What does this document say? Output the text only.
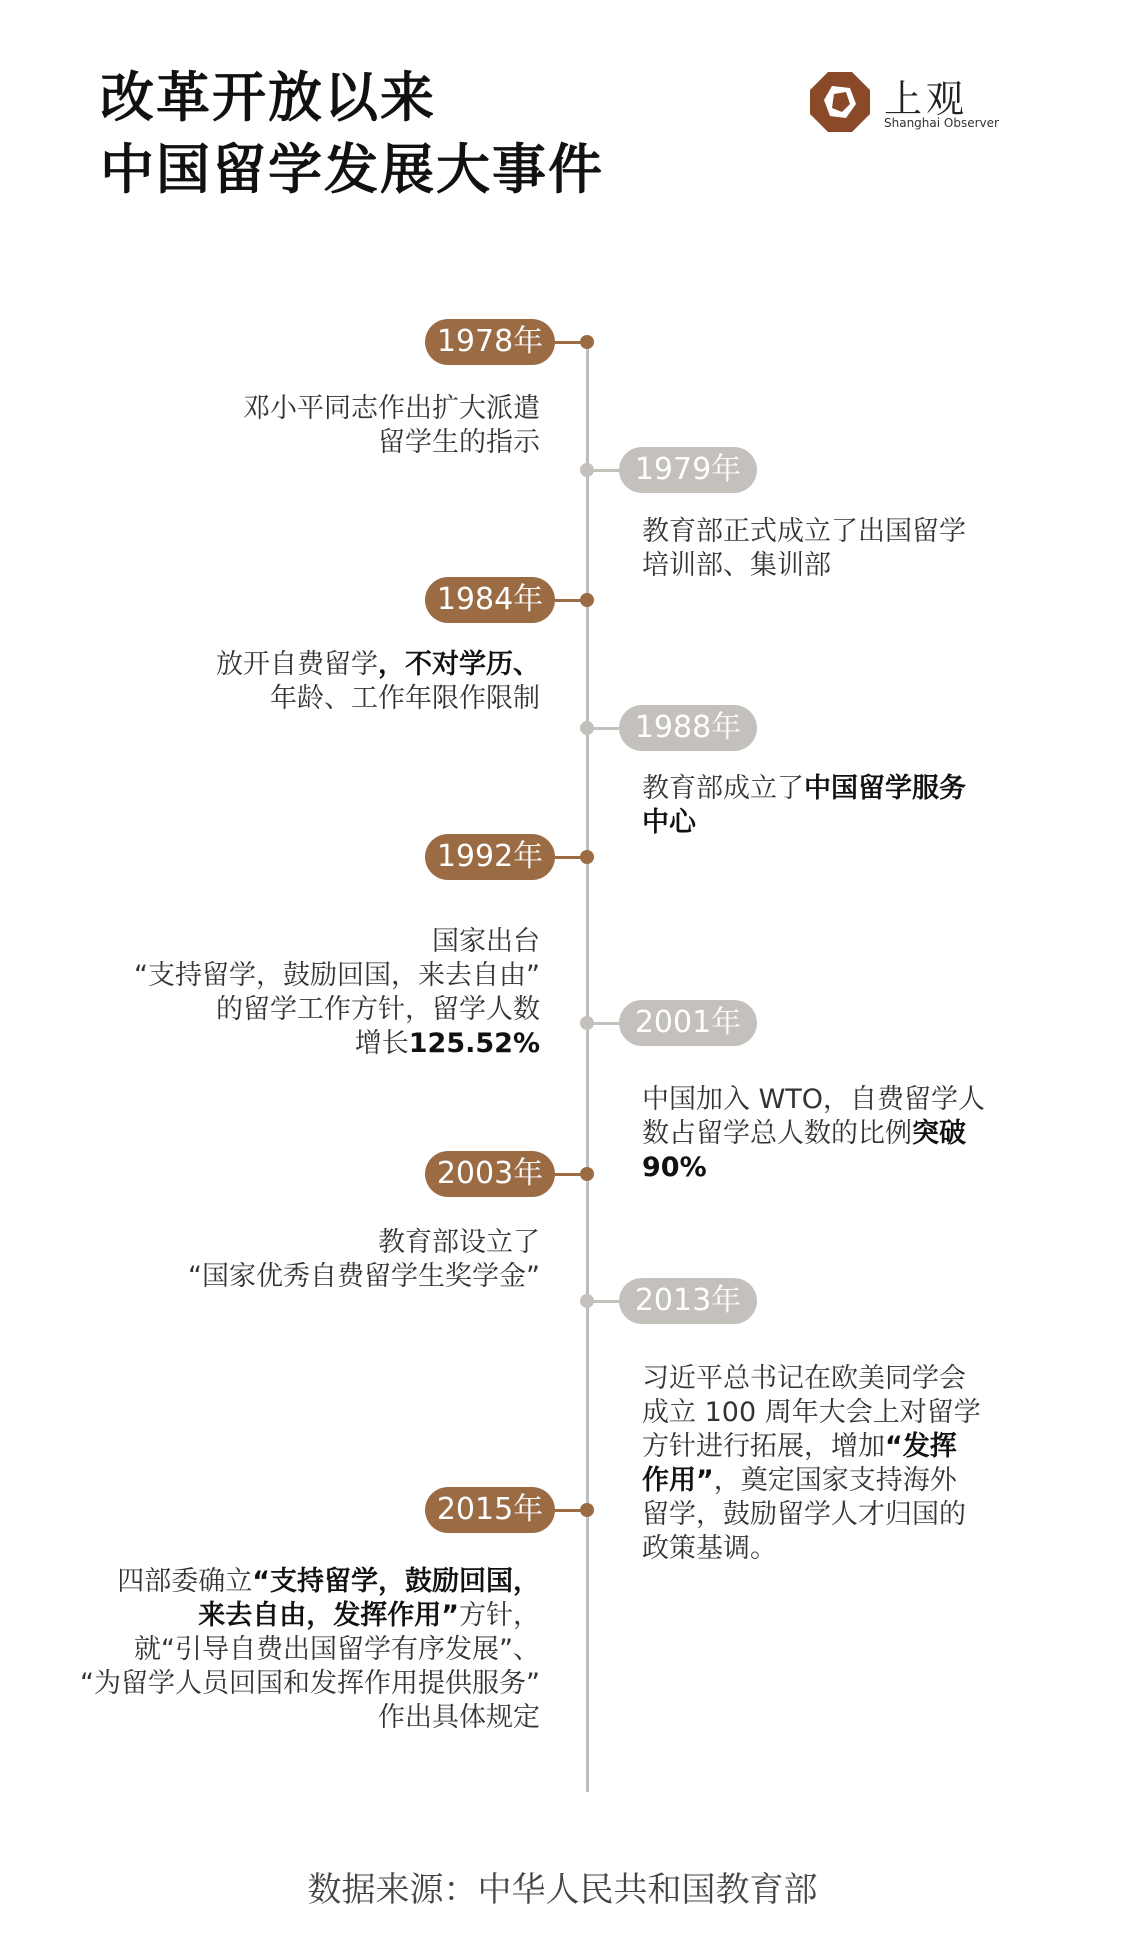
改革开放以来
中国留学发展大事件
上观
Shanghai Observer
1978年
邓小平同志作出扩大派遣
留学生的指示
1979年
教育部正式成立了出国留学
培训部、集训部
1984年
放开自费留学，不对学历、
年龄、工作年限作限制
1988年
教育部成立了中国留学服务
中心
1992年
国家出台
“支持留学，鼓励回国，来去自由”
的留学工作方针，留学人数
增长125.52%
2001年
中国加入 WTO，自费留学人
数占留学总人数的比例突破
90%
2003年
教育部设立了
“国家优秀自费留学生奖学金”
2013年
习近平总书记在欧美同学会
成立 100 周年大会上对留学
方针进行拓展，增加“发挥
作用”，奠定国家支持海外
留学，鼓励留学人才归国的
政策基调。
2015年
四部委确立“支持留学，鼓励回国，
来去自由，发挥作用”方针，
就“引导自费出国留学有序发展”、
“为留学人员回国和发挥作用提供服务”
作出具体规定
数据来源：中华人民共和国教育部
